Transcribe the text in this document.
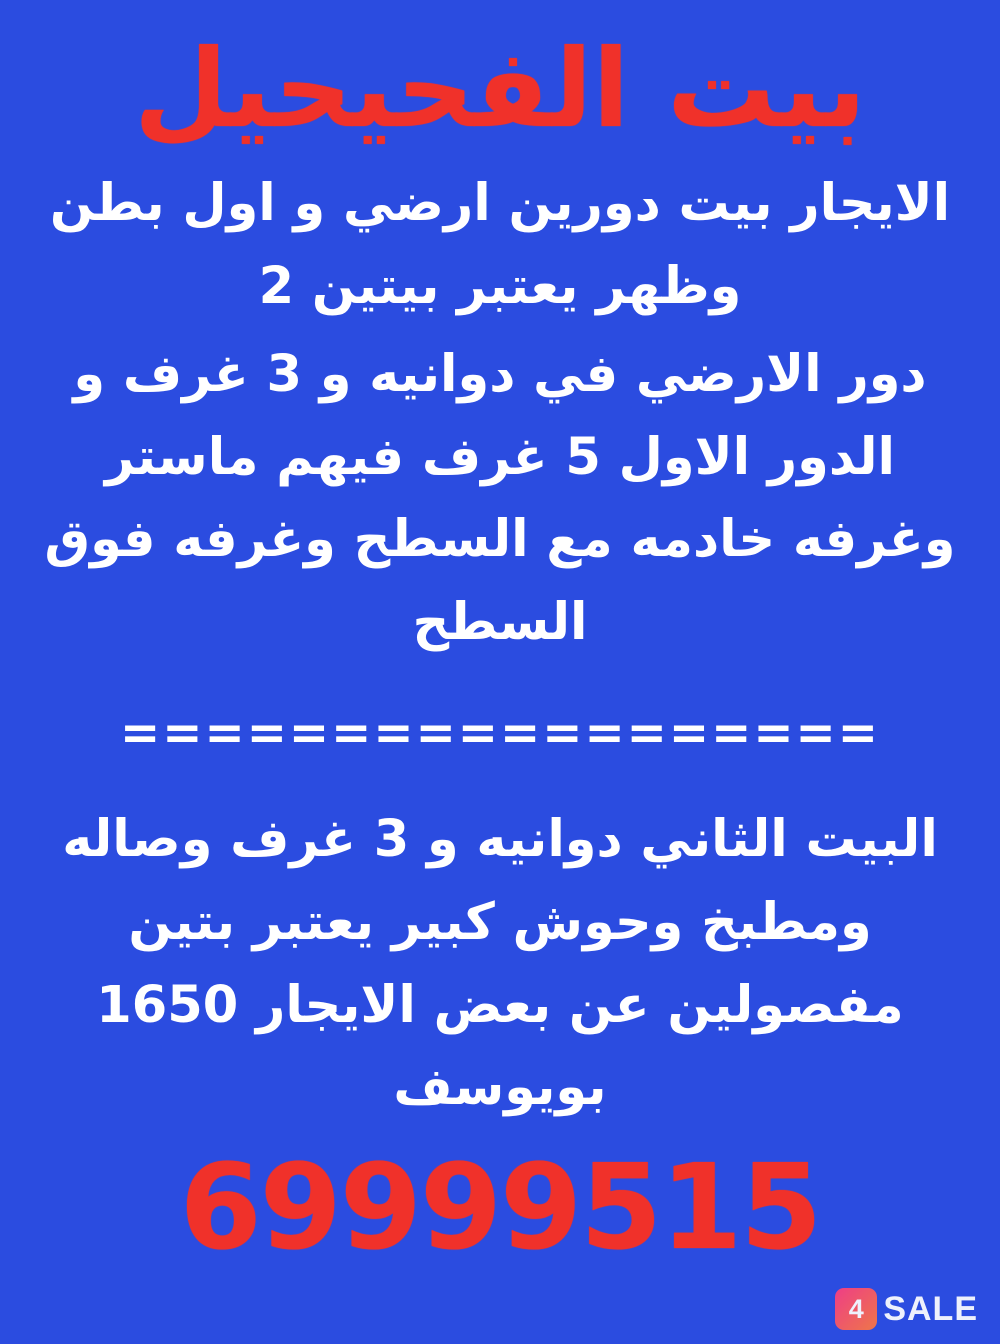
بيت الفحيحيل

الايجار بيت دورين ارضي و اول بطن وظهر يعتبر بيتين 2

دور الارضي في دوانيه و 3 غرف و الدور الاول 5 غرف فيهم ماستر وغرفه خادمه مع السطح وغرفه فوق السطح

==================

البيت الثاني دوانيه و 3 غرف وصاله ومطبخ وحوش كبير يعتبر بتين مفصولين عن بعض الايجار 1650 بويوسف

69999515
SALE
4
